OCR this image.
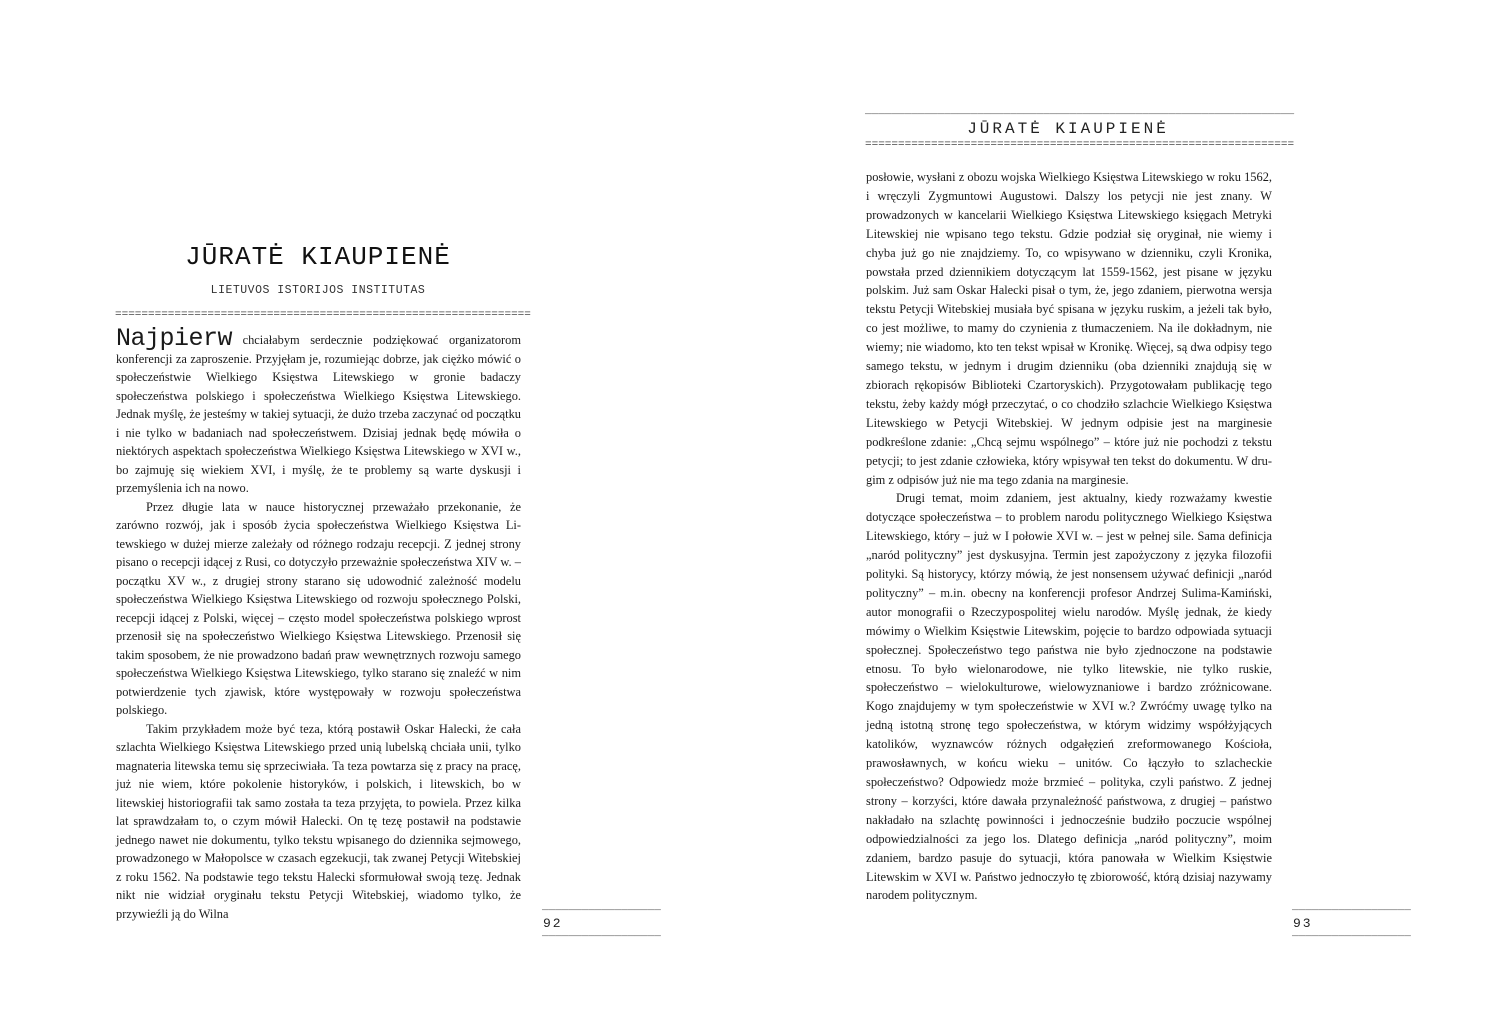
JŪRATĖ KIAUPIENĖ
LIETUVOS ISTORIJOS INSTITUTAS
===============================================================

Najpierw chciałabym serdecznie podziękować organizatorom konferencji za zaproszenie. Przyjęłam je, rozumiejąc dobrze, jak ciężko mówić o społeczeństwie Wielkiego Księstwa Litewskiego w gronie badaczy społeczeństwa polskiego i społeczeństwa Wielkiego Księstwa Litewskiego. Jednak myślę, że jesteśmy w takiej sytuacji, że dużo trzeba zaczynać od początku i nie tylko w badaniach nad społeczeństwem. Dzisiaj jednak będę mówiła o niektórych aspektach społeczeństwa Wielkiego Księstwa Litewskiego w XVI w., bo zajmuję się wiekiem XVI, i myślę, że te problemy są warte dyskusji i przemyślenia ich na nowo.

Przez długie lata w nauce historycznej przeważało przekonanie, że zarówno rozwój, jak i sposób życia społeczeństwa Wielkiego Księstwa Litewskiego w dużej mierze zależały od różnego rodzaju recepcji. Z jednej strony pisano o recepcji idącej z Rusi, co dotyczyło przeważnie społeczeństwa XIV w. – początku XV w., z drugiej strony starano się udowodnić zależność modelu społeczeństwa Wielkiego Księstwa Litewskiego od rozwoju społecznego Polski, recepcji idącej z Polski, więcej – często model społeczeństwa polskiego wprost przenosił się na społeczeństwo Wielkiego Księstwa Litewskiego. Przenosił się takim sposobem, że nie prowadzono badań praw wewnętrznych rozwoju samego społeczeństwa Wielkiego Księstwa Litewskiego, tylko starano się znaleźć w nim potwierdzenie tych zjawisk, które występowały w rozwoju społeczeństwa polskiego.

Takim przykładem może być teza, którą postawił Oskar Halecki, że cała szlachta Wielkiego Księstwa Litewskiego przed unią lubelską chciała unii, tylko magnateria litewska temu się sprzeciwiała. Ta teza powtarza się z pracy na pracę, już nie wiem, które pokolenie historyków, i polskich, i litewskich, bo w litewskiej historiografii tak samo została ta teza przyjęta, to powiela. Przez kilka lat sprawdzałam to, o czym mówił Halecki. On tę tezę postawił na podstawie jednego nawet nie dokumentu, tylko tekstu wpisanego do dziennika sejmowego, prowadzonego w Małopolsce w czasach egzekucji, tak zwanej Petycji Witebskiej z roku 1562. Na podstawie tego tekstu Halecki sformułował swoją tezę. Jednak nikt nie widział oryginału tekstu Petycji Witebskiej, wiadomo tylko, że przywieźli ją do Wilna	__________________
92
__________________
_________________________________________________________________
JŪRATĖ KIAUPIENĖ
=================================================================

posłowie, wysłani z obozu wojska Wielkiego Księstwa Litewskiego w roku 1562, i wręczyli Zygmuntowi Augustowi. Dalszy los petycji nie jest znany. W prowadzonych w kancelarii Wielkiego Księstwa Litewskiego księgach Metryki Litewskiej nie wpisano tego tekstu. Gdzie podział się oryginał, nie wiemy i chyba już go nie znajdziemy. To, co wpisywano w dzienniku, czyli Kronika, powstała przed dziennikiem dotyczącym lat 1559-1562, jest pisane w języku polskim. Już sam Oskar Halecki pisał o tym, że, jego zdaniem, pierwotna wersja tekstu Petycji Witebskiej musiała być spisana w języku ruskim, a jeżeli tak było, co jest możliwe, to mamy do czynienia z tłumaczeniem. Na ile dokładnym, nie wiemy; nie wiadomo, kto ten tekst wpisał w Kronikę. Więcej, są dwa odpisy tego samego tekstu, w jednym i drugim dzienniku (oba dzienniki znajdują się w zbiorach rękopisów Biblioteki Czartoryskich). Przygotowałam publikację tego tekstu, żeby każdy mógł przeczytać, o co chodziło szlachcie Wielkiego Księstwa Litewskiego w Petycji Witebskiej. W jednym odpisie jest na marginesie podkreślone zdanie: „Chcą sejmu wspólnego” – które już nie pochodzi z tekstu petycji; to jest zdanie człowieka, który wpisywał ten tekst do dokumentu. W drugim z odpisów już nie ma tego zdania na marginesie.

Drugi temat, moim zdaniem, jest aktualny, kiedy rozważamy kwestie dotyczące społeczeństwa – to problem narodu politycznego Wielkiego Księstwa Litewskiego, który – już w I połowie XVI w. – jest w pełnej sile. Sama definicja „naród polityczny” jest dyskusyjna. Termin jest zapożyczony z języka filozofii polityki. Są historycy, którzy mówią, że jest nonsensem używać definicji „naród polityczny” – m.in. obecny na konferencji profesor Andrzej Sulima-Kamiński, autor monografii o Rzeczypospolitej wielu narodów. Myślę jednak, że kiedy mówimy o Wielkim Księstwie Litewskim, pojęcie to bardzo odpowiada sytuacji społecznej. Społeczeństwo tego państwa nie było zjednoczone na podstawie etnosu. To było wielonarodowe, nie tylko litewskie, nie tylko ruskie, społeczeństwo – wielokulturowe, wielowyznaniowe i bardzo zróżnicowane. Kogo znajdujemy w tym społeczeństwie w XVI w.? Zwróćmy uwagę tylko na jedną istotną stronę tego społeczeństwa, w którym widzimy współżyjących katolików, wyznawców różnych odgałęzień zreformowanego Kościoła, prawosławnych, w końcu wieku – unitów. Co łączyło to szlacheckie społeczeństwo? Odpowiedz może brzmieć – polityka, czyli państwo. Z jednej strony – korzyści, które dawała przynależność państwowa, z drugiej – państwo nakładało na szlachtę powinności i jednocześnie budziło poczucie wspólnej odpowiedzialności za jego los. Dlatego definicja „naród polityczny”, moim zdaniem, bardzo pasuje do sytuacji, która panowała w Wielkim Księstwie Litewskim w XVI w. Państwo jednoczyło tę zbiorowość, którą dzisiaj nazywamy narodem politycznym.

__________________
93
__________________
